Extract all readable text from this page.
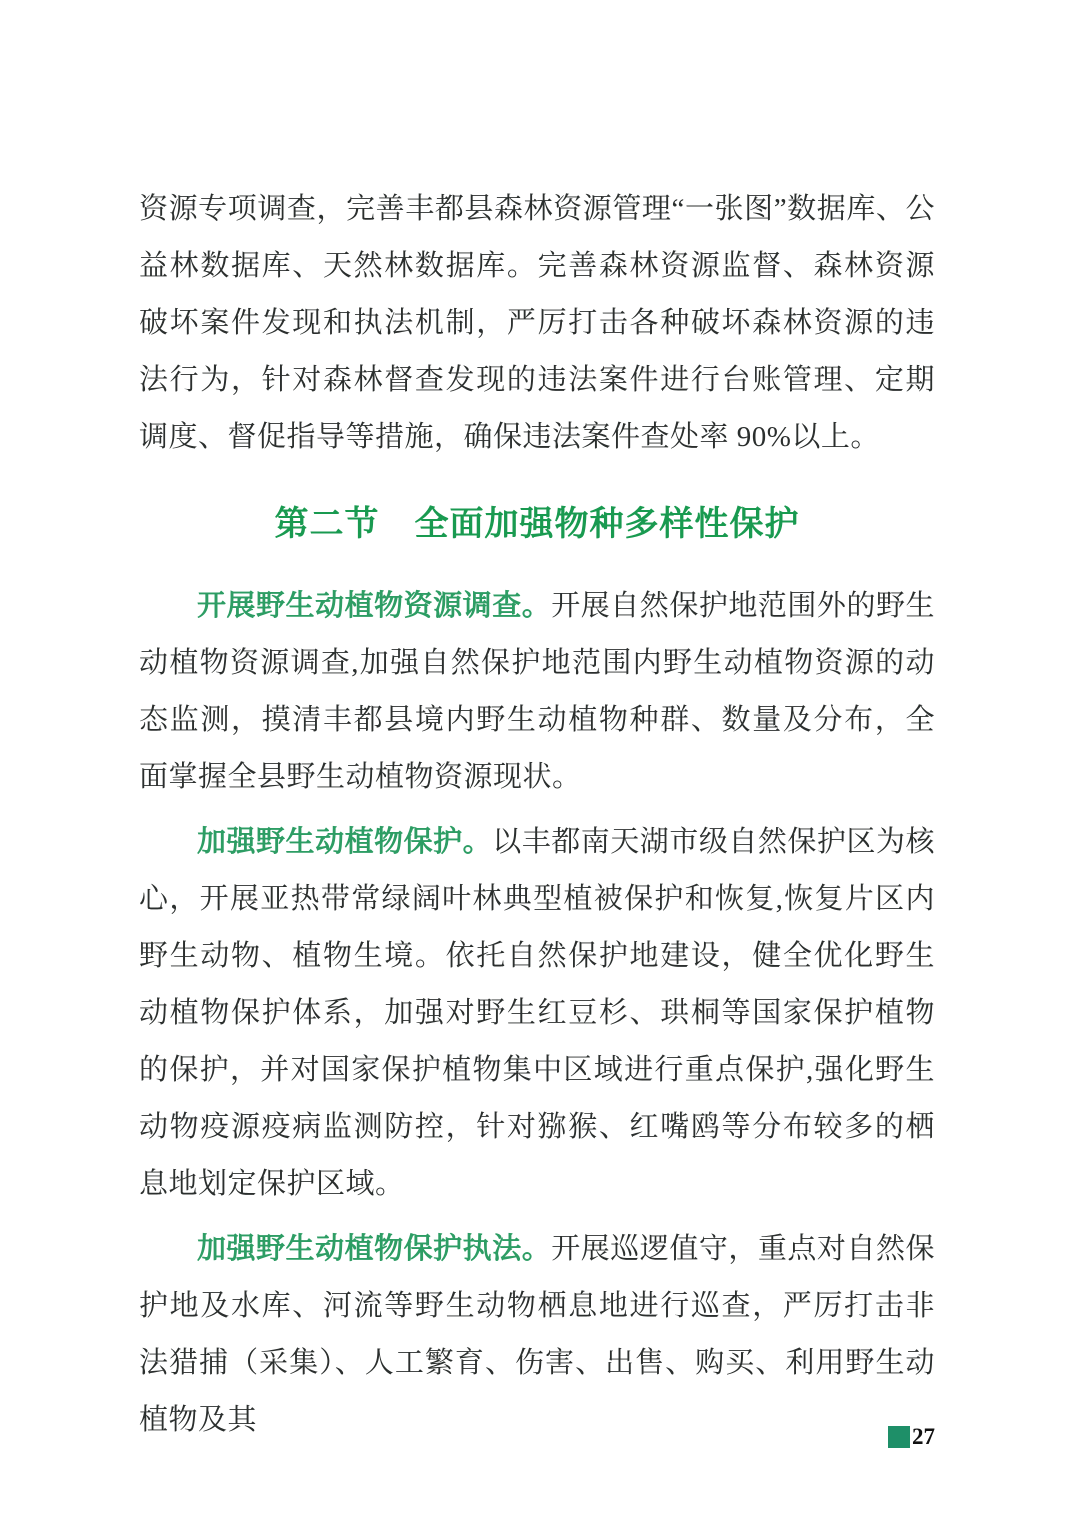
资源专项调查，完善丰都县森林资源管理“一张图”数据库、公益林数据库、天然林数据库。完善森林资源监督、森林资源破坏案件发现和执法机制，严厉打击各种破坏森林资源的违法行为，针对森林督查发现的违法案件进行台账管理、定期调度、督促指导等措施，确保违法案件查处率 90%以上。

第二节　全面加强物种多样性保护

开展野生动植物资源调查。开展自然保护地范围外的野生动植物资源调查,加强自然保护地范围内野生动植物资源的动态监测，摸清丰都县境内野生动植物种群、数量及分布，全面掌握全县野生动植物资源现状。

加强野生动植物保护。以丰都南天湖市级自然保护区为核心，开展亚热带常绿阔叶林典型植被保护和恢复,恢复片区内野生动物、植物生境。依托自然保护地建设，健全优化野生动植物保护体系，加强对野生红豆杉、珙桐等国家保护植物的保护，并对国家保护植物集中区域进行重点保护,强化野生动物疫源疫病监测防控，针对猕猴、红嘴鸥等分布较多的栖息地划定保护区域。

加强野生动植物保护执法。开展巡逻值守，重点对自然保护地及水库、河流等野生动物栖息地进行巡查，严厉打击非法猎捕（采集）、人工繁育、伤害、出售、购买、利用野生动植物及其

27
